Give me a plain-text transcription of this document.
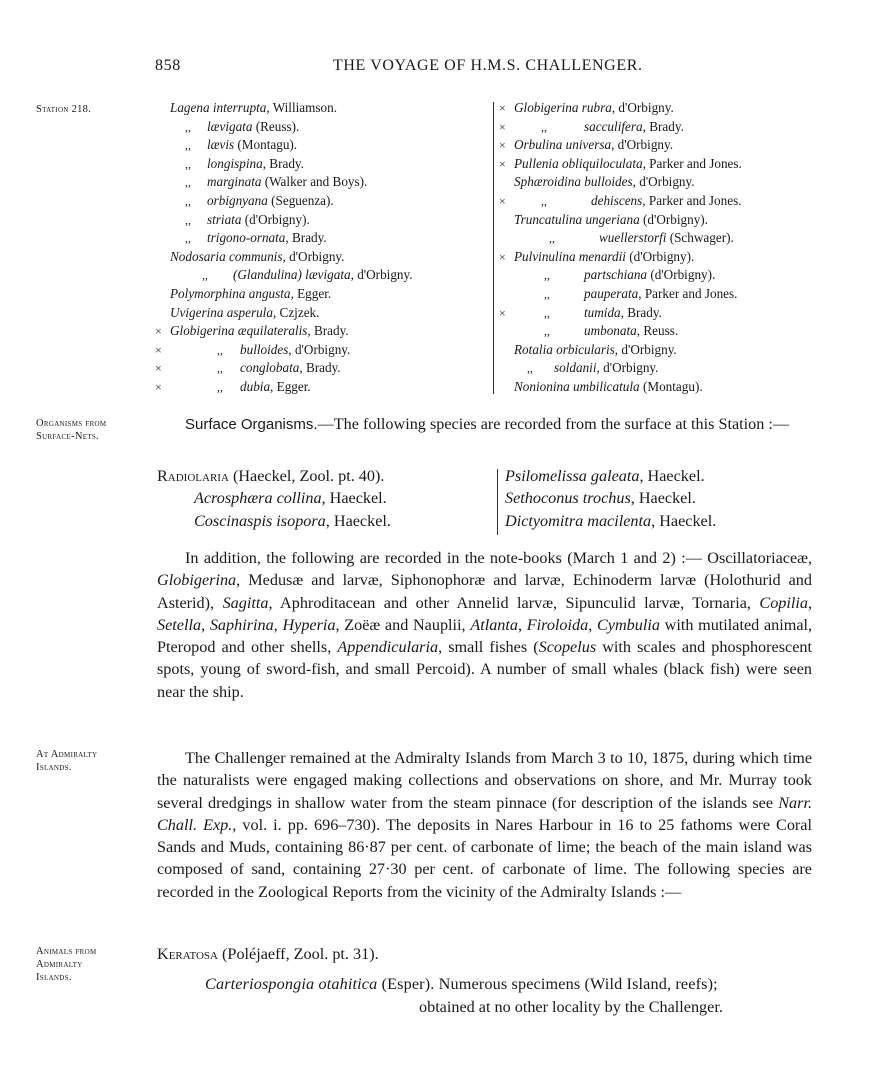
858	THE VOYAGE OF H.M.S. CHALLENGER.
Station 218.
Organisms from
Surface-Nets.
At Admiralty
Islands.
Animals from
Admiralty
Islands.
Lagena interrupta, Williamson.
,, lævigata (Reuss).
,, lævis (Montagu).
,, longispina, Brady.
,, marginata (Walker and Boys).
,, orbignyana (Seguenza).
,, striata (d'Orbigny).
,, trigono-ornata, Brady.
Nodosaria communis, d'Orbigny.
,, (Glandulina) lævigata, d'Orbigny.
Polymorphina angusta, Egger.
Uvigerina asperula, Czjzek.
× Globigerina æquilateralis, Brady.
×	,, bulloides, d'Orbigny.
×	,, conglobata, Brady.
×	,, dubia, Egger.
× Globigerina rubra, d'Orbigny.
×	,,	sacculifera, Brady.
× Orbulina universa, d'Orbigny.
× Pullenia obliquiloculata, Parker and Jones.
Sphæroidina bulloides, d'Orbigny.
×	,,	dehiscens, Parker and Jones.
Truncatulina ungeriana (d'Orbigny).
,,	wuellerstorfi (Schwager).
× Pulvinulina menardii (d'Orbigny).
,,	partschiana (d'Orbigny).
,,	pauperata, Parker and Jones.
×	,,	tumida, Brady.
,,	umbonata, Reuss.
Rotalia orbicularis, d'Orbigny.
,, soldanii, d'Orbigny.
Nonionina umbilicatula (Montagu).

Surface Organisms.—The following species are recorded from the surface at this Station :—

Radiolaria (Haeckel, Zool. pt. 40).
Acrosphæra collina, Haeckel.
Coscinaspis isopora, Haeckel.
Psilomelissa galeata, Haeckel.
Sethoconus trochus, Haeckel.
Dictyomitra macilenta, Haeckel.

In addition, the following are recorded in the note-books (March 1 and 2) :— Oscillatoriaceæ, Globigerina, Medusæ and larvæ, Siphonophoræ and larvæ, Echinoderm larvæ (Holothurid and Asterid), Sagitta, Aphroditacean and other Annelid larvæ, Sipunculid larvæ, Tornaria, Copilia, Setella, Saphirina, Hyperia, Zoëæ and Nauplii, Atlanta, Firoloida, Cymbulia with mutilated animal, Pteropod and other shells, Appendicularia, small fishes (Scopelus with scales and phosphorescent spots, young of sword-fish, and small Percoid). A number of small whales (black fish) were seen near the ship.

The Challenger remained at the Admiralty Islands from March 3 to 10, 1875, during which time the naturalists were engaged making collections and observations on shore, and Mr. Murray took several dredgings in shallow water from the steam pinnace (for description of the islands see Narr. Chall. Exp., vol. i. pp. 696–730). The deposits in Nares Harbour in 16 to 25 fathoms were Coral Sands and Muds, containing 86·87 per cent. of carbonate of lime; the beach of the main island was composed of sand, containing 27·30 per cent. of carbonate of lime. The following species are recorded in the Zoological Reports from the vicinity of the Admiralty Islands :—

Keratosa (Poléjaeff, Zool. pt. 31).
Carteriospongia otahitica (Esper). Numerous specimens (Wild Island, reefs);
obtained at no other locality by the Challenger.
